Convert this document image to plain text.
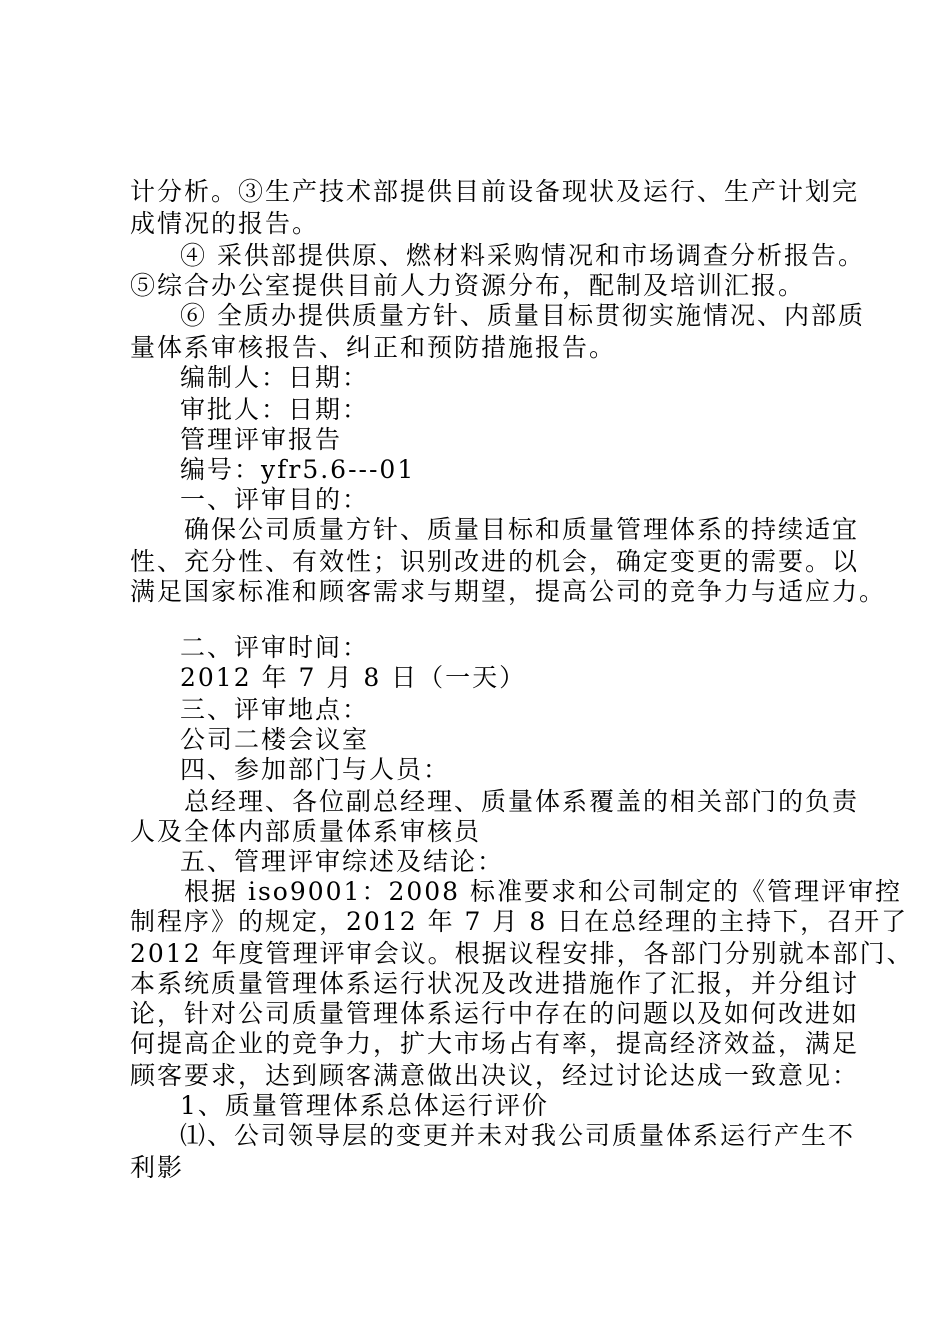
计分析。③生产技术部提供目前设备现状及运行、生产计划完
成情况的报告。
④ 采供部提供原、燃材料采购情况和市场调查分析报告。
⑤综合办公室提供目前人力资源分布，配制及培训汇报。
⑥ 全质办提供质量方针、质量目标贯彻实施情况、内部质
量体系审核报告、纠正和预防措施报告。
编制人：日期：
审批人：日期：
管理评审报告
编号：yfr5.6---01
一、评审目的：
确保公司质量方针、质量目标和质量管理体系的持续适宜
性、充分性、有效性；识别改进的机会，确定变更的需要。以
满足国家标准和顾客需求与期望，提高公司的竞争力与适应力。
二、评审时间：
2012 年 7 月 8 日（一天）
三、评审地点：
公司二楼会议室
四、参加部门与人员：
总经理、各位副总经理、质量体系覆盖的相关部门的负责
人及全体内部质量体系审核员
五、管理评审综述及结论：
根据 iso9001：2008 标准要求和公司制定的《管理评审控
制程序》的规定，2012 年 7 月 8 日在总经理的主持下，召开了
2012 年度管理评审会议。根据议程安排，各部门分别就本部门、
本系统质量管理体系运行状况及改进措施作了汇报，并分组讨
论，针对公司质量管理体系运行中存在的问题以及如何改进如
何提高企业的竞争力，扩大市场占有率，提高经济效益，满足
顾客要求，达到顾客满意做出决议，经过讨论达成一致意见：
1、质量管理体系总体运行评价
⑴、公司领导层的变更并未对我公司质量体系运行产生不
利影
